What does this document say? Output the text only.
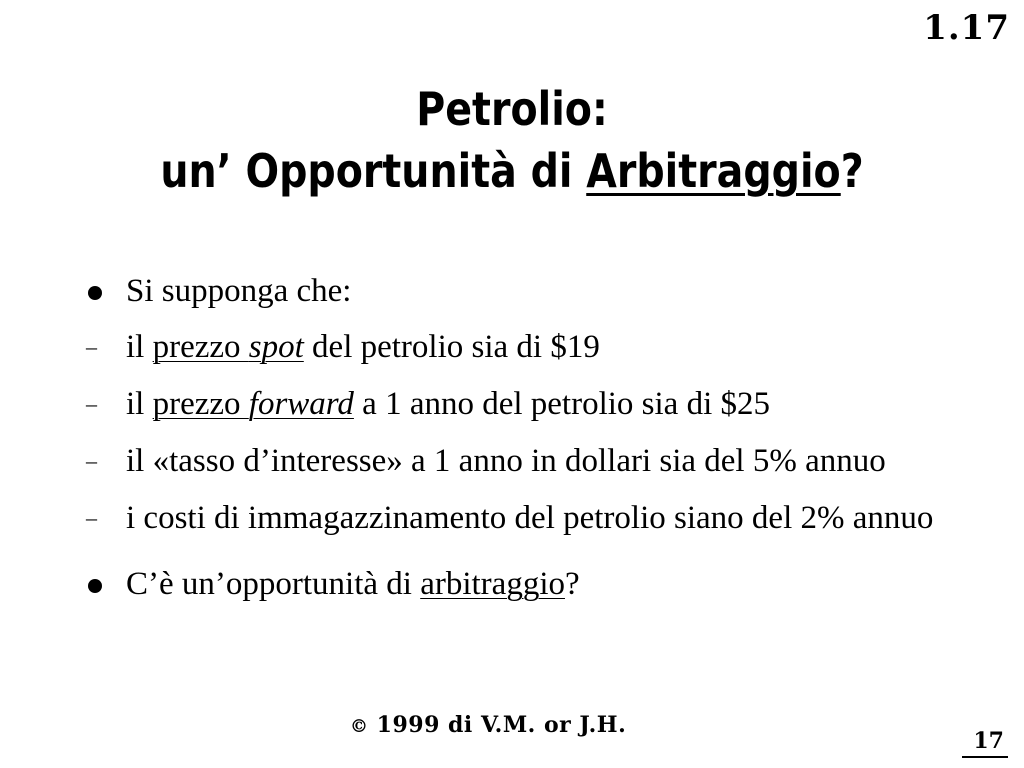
1.17
Petrolio:
un’ Opportunità di Arbitraggio?
Si supponga che:
– il prezzo spot del petrolio sia di $19
– il prezzo forward a 1 anno del petrolio sia di $25
– il «tasso d’interesse» a 1 anno in dollari sia del 5% annuo
– i costi di immagazzinamento del petrolio siano del 2% annuo
C’è un’opportunità di arbitraggio?
© 1999 di V.M. or J.H.
17
